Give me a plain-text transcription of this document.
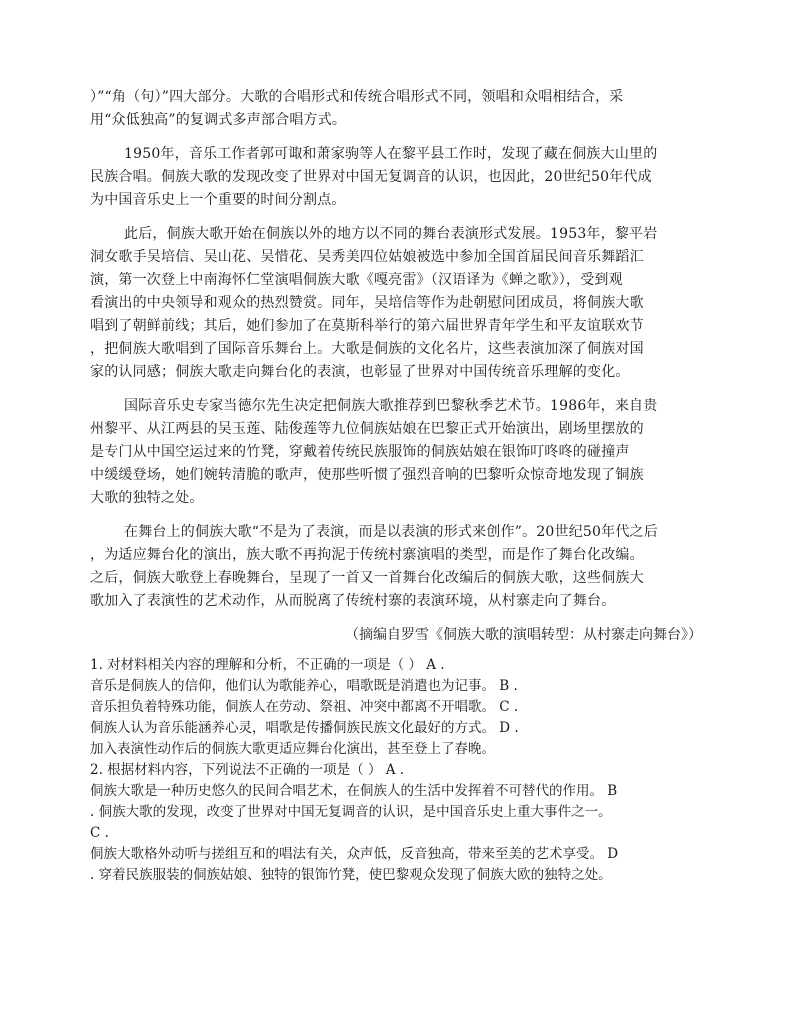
）”“角（句）”四大部分。大歌的合唱形式和传统合唱形式不同，领唱和众唱相结合，采
用“众低独高”的复调式多声部合唱方式。
1950年，音乐工作者郭可诹和萧家驹等人在黎平县工作时，发现了藏在侗族大山里的
民族合唱。侗族大歌的发现改变了世界对中国无复调音的认识，也因此，20世纪50年代成
为中国音乐史上一个重要的时间分割点。
此后，侗族大歌开始在侗族以外的地方以不同的舞台表演形式发展。1953年，黎平岩
洞女歌手吴培信、吴山花、吴惜花、吴秀美四位姑娘被选中参加全国首届民间音乐舞蹈汇
演，第一次登上中南海怀仁堂演唱侗族大歌《嘎亮雷》（汉语译为《蝉之歌》），受到观
看演出的中央领导和观众的热烈赞赏。同年，吴培信等作为赴朝慰问团成员，将侗族大歌
唱到了朝鲜前线；其后，她们参加了在莫斯科举行的第六届世界青年学生和平友谊联欢节
，把侗族大歌唱到了国际音乐舞台上。大歌是侗族的文化名片，这些表演加深了侗族对国
家的认同感；侗族大歌走向舞台化的表演，也彰显了世界对中国传统音乐理解的变化。
国际音乐史专家当德尔先生决定把侗族大歌推荐到巴黎秋季艺术节。1986年，来自贵
州黎平、从江两县的吴玉莲、陆俊莲等九位侗族姑娘在巴黎正式开始演出，剧场里摆放的
是专门从中国空运过来的竹凳，穿戴着传统民族服饰的侗族姑娘在银饰叮咚咚的碰撞声
中缓缓登场，她们婉转清脆的歌声，使那些听惯了强烈音响的巴黎听众惊奇地发现了铜族
大歌的独特之处。
在舞台上的侗族大歌“不是为了表演，而是以表演的形式来创作”。20世纪50年代之后
，为适应舞台化的演出，族大歌不再拘泥于传统村寨演唱的类型，而是作了舞台化改编。
之后，侗族大歌登上春晚舞台，呈现了一首又一首舞台化改编后的侗族大歌，这些侗族大
歌加入了表演性的艺术动作，从而脱离了传统村寨的表演环境，从村寨走向了舞台。
（摘编自罗雪《侗族大歌的演唱转型：从村寨走向舞台》）
1. 对材料相关内容的理解和分析，不正确的一项是（ ） A .
音乐是侗族人的信仰，他们认为歌能养心，唱歌既是消遣也为记事。 B .
音乐担负着特殊功能，侗族人在劳动、祭祖、冲突中都离不开唱歌。 C .
侗族人认为音乐能涵养心灵，唱歌是传播侗族民族文化最好的方式。 D .
加入表演性动作后的侗族大歌更适应舞台化演出，甚至登上了春晚。
2. 根据材料内容，下列说法不正确的一项是（ ） A .
侗族大歌是一种历史悠久的民间合唱艺术，在侗族人的生活中发挥着不可替代的作用。 B
. 侗族大歌的发现，改变了世界对中国无复调音的认识，是中国音乐史上重大事件之一。
C .
侗族大歌格外动听与搓组互和的唱法有关，众声低，反音独高，带来至美的艺术享受。 D
. 穿着民族服装的侗族姑娘、独特的银饰竹凳，使巴黎观众发现了侗族大欧的独特之处。
